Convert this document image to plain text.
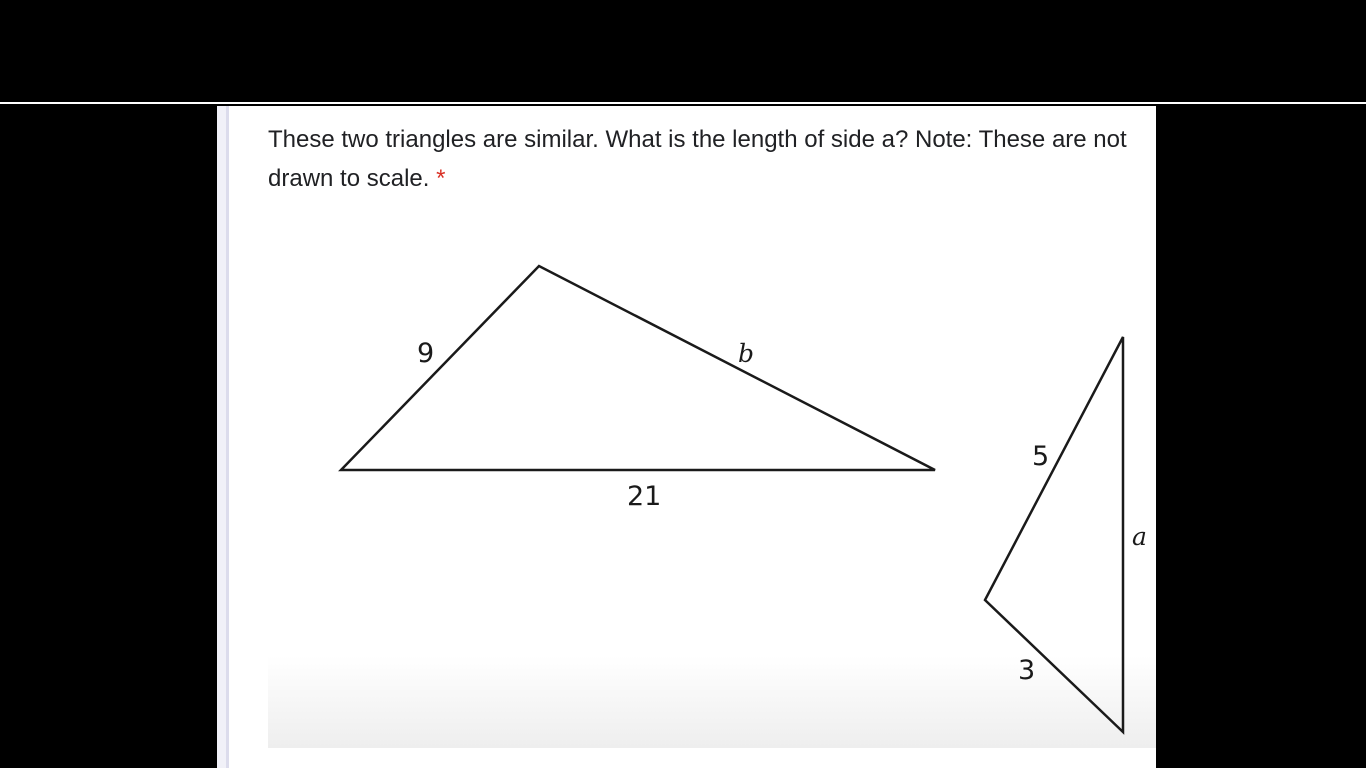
These two triangles are similar. What is the length of side a? Note: These are not drawn to scale. *
9	b
21
5
a
3
